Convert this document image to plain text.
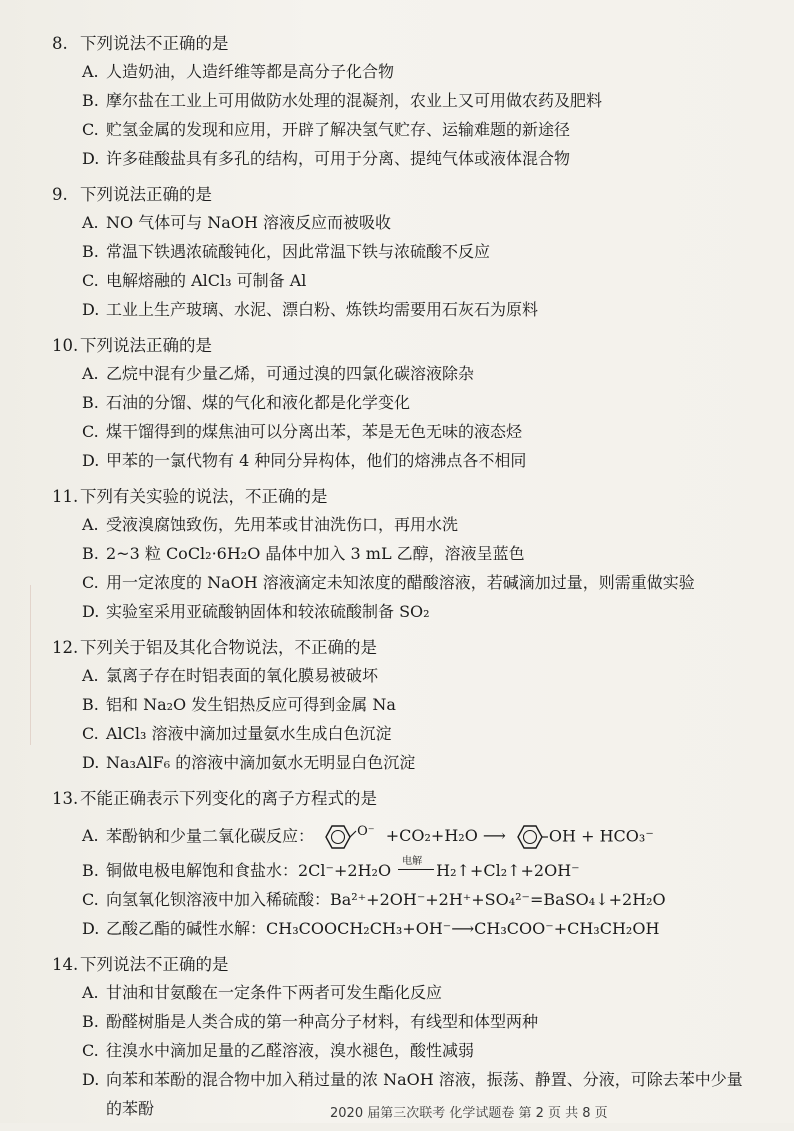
8. 下列说法不正确的是
A. 人造奶油，人造纤维等都是高分子化合物
B. 摩尔盐在工业上可用做防水处理的混凝剂，农业上又可用做农药及肥料
C. 贮氢金属的发现和应用，开辟了解决氢气贮存、运输难题的新途径
D. 许多硅酸盐具有多孔的结构，可用于分离、提纯气体或液体混合物
9. 下列说法正确的是
A. NO 气体可与 NaOH 溶液反应而被吸收
B. 常温下铁遇浓硫酸钝化，因此常温下铁与浓硫酸不反应
C. 电解熔融的 AlCl₃ 可制备 Al
D. 工业上生产玻璃、水泥、漂白粉、炼铁均需要用石灰石为原料
10. 下列说法正确的是
A. 乙烷中混有少量乙烯，可通过溴的四氯化碳溶液除杂
B. 石油的分馏、煤的气化和液化都是化学变化
C. 煤干馏得到的煤焦油可以分离出苯，苯是无色无味的液态烃
D. 甲苯的一氯代物有 4 种同分异构体，他们的熔沸点各不相同
11. 下列有关实验的说法，不正确的是
A. 受液溴腐蚀致伤，先用苯或甘油洗伤口，再用水洗
B. 2~3 粒 CoCl₂·6H₂O 晶体中加入 3 mL 乙醇，溶液呈蓝色
C. 用一定浓度的 NaOH 溶液滴定未知浓度的醋酸溶液，若碱滴加过量，则需重做实验
D. 实验室采用亚硫酸钠固体和较浓硫酸制备 SO₂
12. 下列关于铝及其化合物说法，不正确的是
A. 氯离子存在时铝表面的氧化膜易被破坏
B. 铝和 Na₂O 发生铝热反应可得到金属 Na
C. AlCl₃ 溶液中滴加过量氨水生成白色沉淀
D. Na₃AlF₆ 的溶液中滴加氨水无明显白色沉淀
13. 不能正确表示下列变化的离子方程式的是
A. 苯酚钠和少量二氧化碳反应：	$^{O^-}$ +CO₂+H₂O ⟶	OH + HCO₃⁻
B. 铜做电极电解饱和食盐水：2Cl⁻+2H₂O 电解 H₂↑+Cl₂↑+2OH⁻
C. 向氢氧化钡溶液中加入稀硫酸：Ba²⁺+2OH⁻+2H⁺+SO₄²⁻=BaSO₄↓+2H₂O
D. 乙酸乙酯的碱性水解：CH₃COOCH₂CH₃+OH⁻⟶CH₃COO⁻+CH₃CH₂OH
14. 下列说法不正确的是
A. 甘油和甘氨酸在一定条件下两者可发生酯化反应
B. 酚醛树脂是人类合成的第一种高分子材料，有线型和体型两种
C. 往溴水中滴加足量的乙醛溶液，溴水褪色，酸性减弱
D. 向苯和苯酚的混合物中加入稍过量的浓 NaOH 溶液，振荡、静置、分液，可除去苯中少量
的苯酚	2020 届第三次联考 化学试题卷 第 2 页 共 8 页
